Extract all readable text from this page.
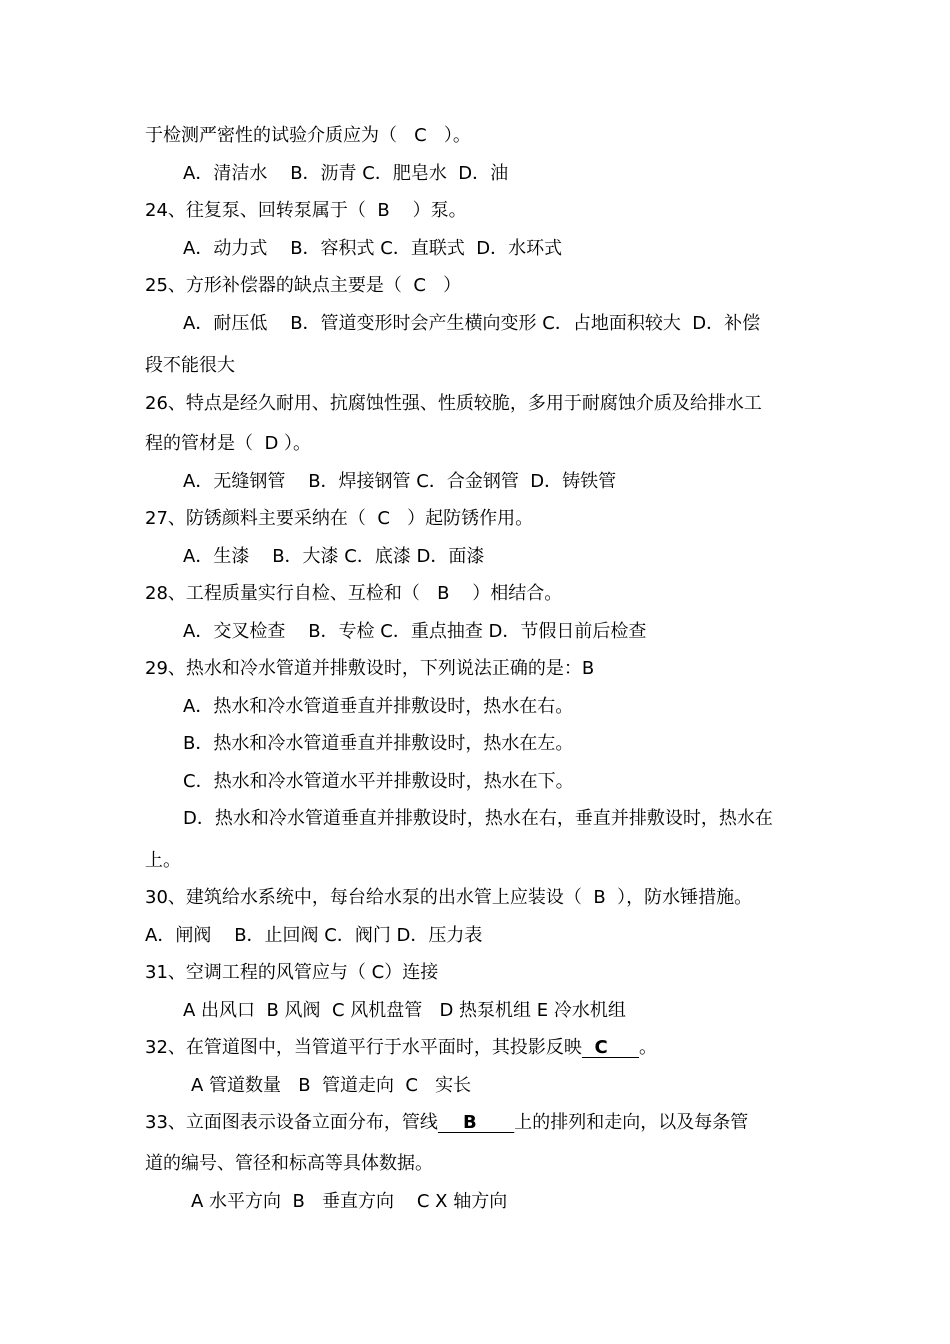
于检测严密性的试验介质应为（   C   ）。
A．清洁水    B．沥青 C．肥皂水  D．油
24、往复泵、回转泵属于（  B    ）泵。
A．动力式    B．容积式 C．直联式  D．水环式
25、方形补偿器的缺点主要是（  C   ）
A．耐压低    B．管道变形时会产生横向变形 C．占地面积较大  D．补偿
段不能很大
26、特点是经久耐用、抗腐蚀性强、性质较脆，多用于耐腐蚀介质及给排水工
程的管材是（  D ）。
A．无缝钢管    B．焊接钢管 C．合金钢管  D．铸铁管
27、防锈颜料主要采纳在（  C   ）起防锈作用。
A．生漆    B．大漆 C．底漆 D．面漆
28、工程质量实行自检、互检和（   B    ）相结合。
A．交叉检查    B．专检 C．重点抽查 D．节假日前后检查
29、热水和冷水管道并排敷设时，下列说法正确的是：B
A．热水和冷水管道垂直并排敷设时，热水在右。
B．热水和冷水管道垂直并排敷设时，热水在左。
C．热水和冷水管道水平并排敷设时，热水在下。
D．热水和冷水管道垂直并排敷设时，热水在右，垂直并排敷设时，热水在
上。
30、建筑给水系统中，每台给水泵的出水管上应装设（  B  ），防水锤措施。
A．闸阀    B．止回阀 C．阀门 D．压力表
31、空调工程的风管应与（ C）连接
A 出风口  B 风阀  C 风机盘管   D 热泵机组 E 冷水机组
32、在管道图中，当管道平行于水平面时，其投影反映  C     。
A 管道数量   B  管道走向  C   实长
33、立面图表示设备立面分布，管线    B      上的排列和走向，以及每条管
道的编号、管径和标高等具体数据。
A 水平方向  B   垂直方向    C X 轴方向
